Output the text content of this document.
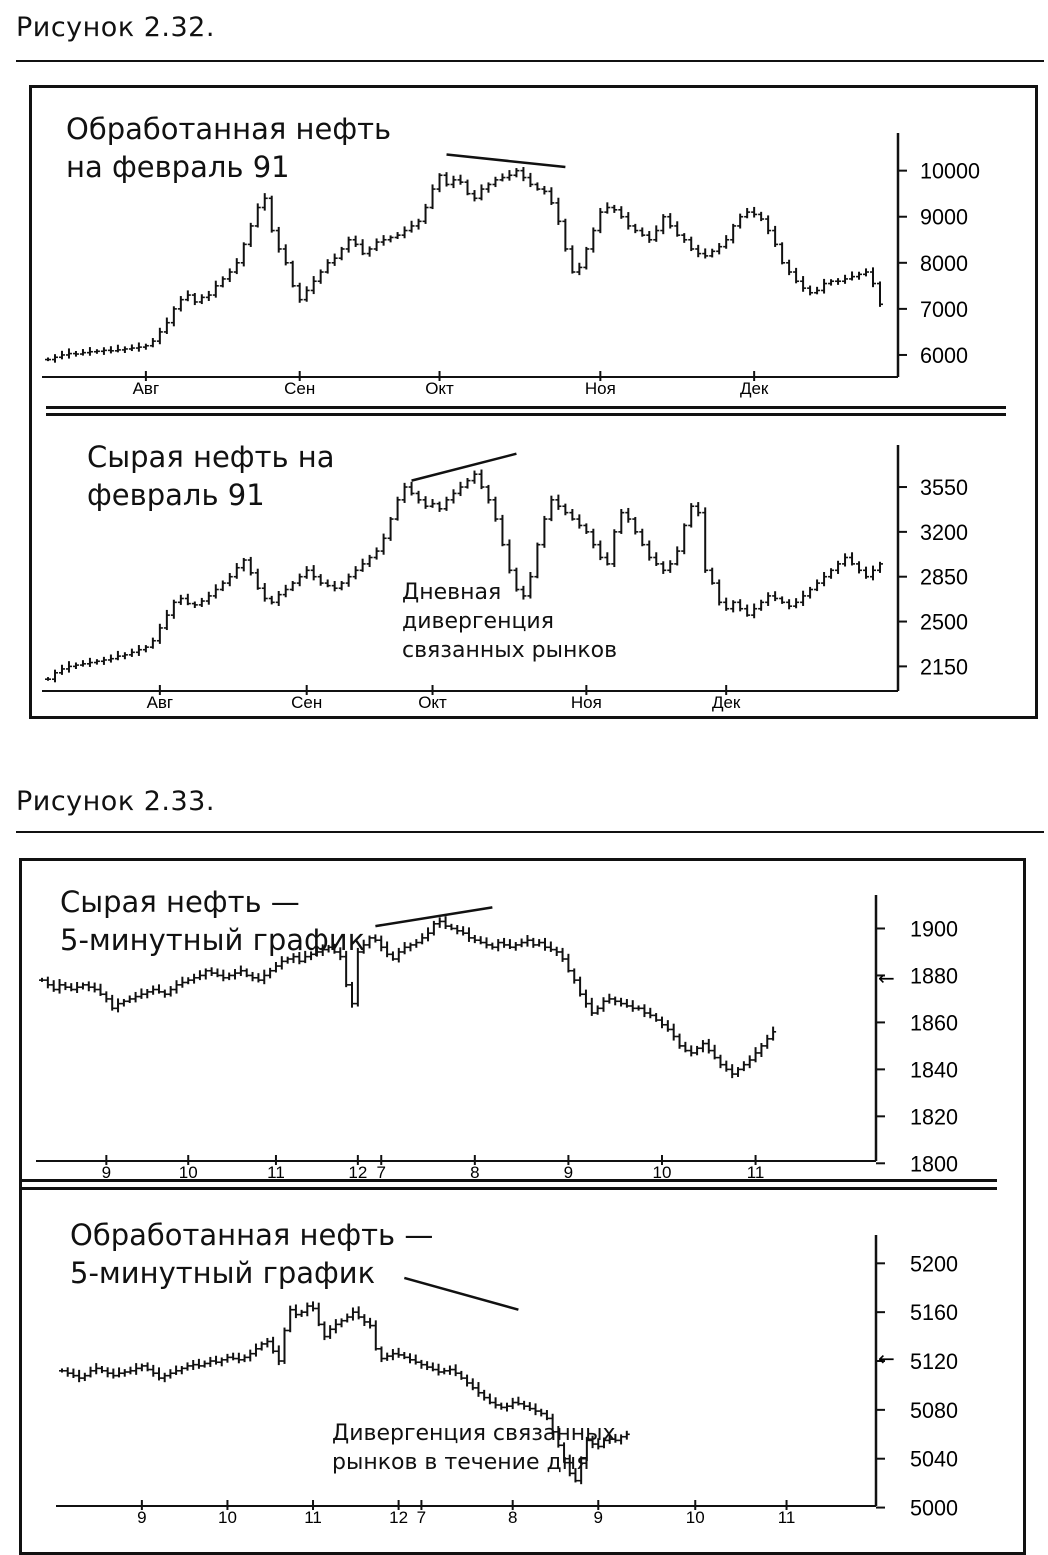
Рисунок 2.32.
Обработанная нефть
на февраль 91
Сырая нефть на
февраль 91
Дневная
дивергенция
связанных рынков
Рисунок 2.33.
Сырая нефть —
5-минутный график
Обработанная нефть —
5-минутный график
Дивергенция связанных
рынков в течение дня
10000
9000
8000
7000
6000
Авг	Сен	Окт	Ноя	Дек
3550
3200
2850
2500
2150
Авг	Сен	Окт	Ноя	Дек
1900
1880
1860
1840
1820
1800
9	10	11	12 7	8	9	10	11
←
5200
5160
5120
5080
5040
5000
9	10	11	12 7	8	9	10	11
←
